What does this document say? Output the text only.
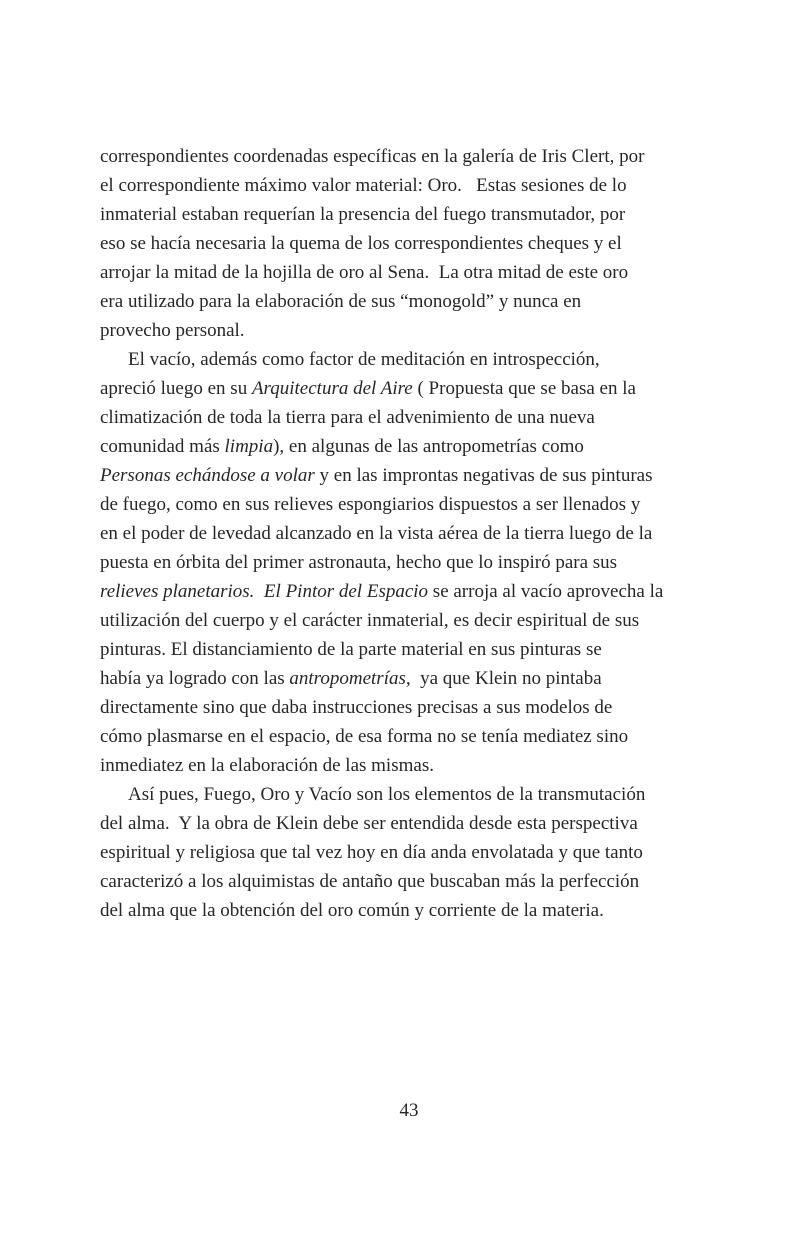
correspondientes coordenadas específicas en la galería de Iris Clert, por
el correspondiente máximo valor material: Oro.   Estas sesiones de lo
inmaterial estaban requerían la presencia del fuego transmutador, por
eso se hacía necesaria la quema de los correspondientes cheques y el
arrojar la mitad de la hojilla de oro al Sena.  La otra mitad de este oro
era utilizado para la elaboración de sus “monogold” y nunca en
provecho personal.
El vacío, además como factor de meditación en introspección,
apreció luego en su Arquitectura del Aire ( Propuesta que se basa en la
climatización de toda la tierra para el advenimiento de una nueva
comunidad más limpia), en algunas de las antropometrías como
Personas echándose a volar y en las improntas negativas de sus pinturas
de fuego, como en sus relieves espongiarios dispuestos a ser llenados y
en el poder de levedad alcanzado en la vista aérea de la tierra luego de la
puesta en órbita del primer astronauta, hecho que lo inspiró para sus
relieves planetarios.  El Pintor del Espacio se arroja al vacío aprovecha la
utilización del cuerpo y el carácter inmaterial, es decir espiritual de sus
pinturas. El distanciamiento de la parte material en sus pinturas se
había ya logrado con las antropometrías,  ya que Klein no pintaba
directamente sino que daba instrucciones precisas a sus modelos de
cómo plasmarse en el espacio, de esa forma no se tenía mediatez sino
inmediatez en la elaboración de las mismas.
Así pues, Fuego, Oro y Vacío son los elementos de la transmutación
del alma.  Y la obra de Klein debe ser entendida desde esta perspectiva
espiritual y religiosa que tal vez hoy en día anda envolatada y que tanto
caracterizó a los alquimistas de antaño que buscaban más la perfección
del alma que la obtención del oro común y corriente de la materia.
43
